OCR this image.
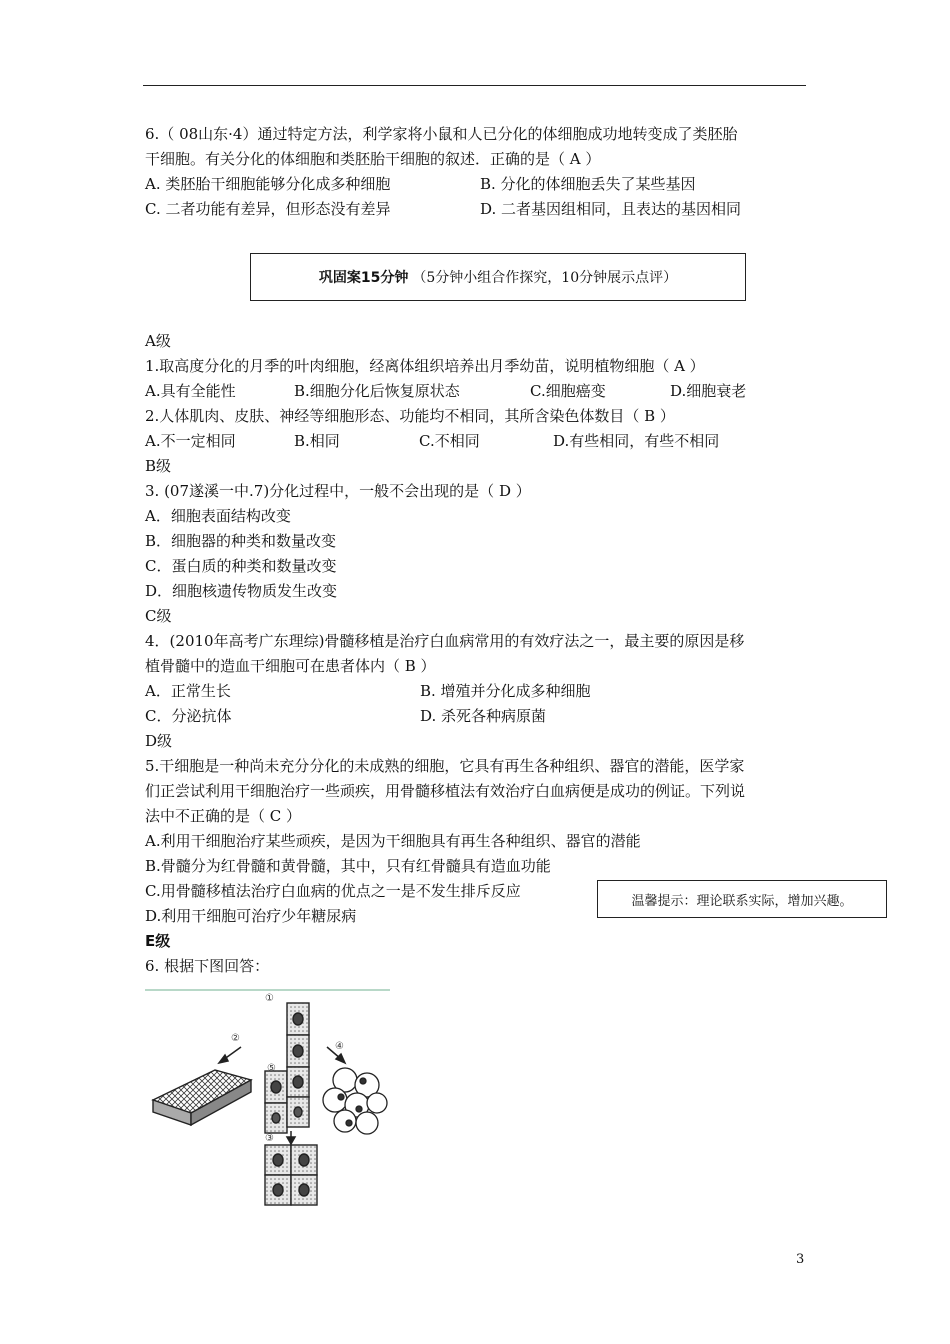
6.（ 08山东·4）通过特定方法，利学家将小鼠和人已分化的体细胞成功地转变成了类胚胎
干细胞。有关分化的体细胞和类胚胎干细胞的叙述．正确的是（ A ）
A. 类胚胎干细胞能够分化成多种细胞	B. 分化的体细胞丢失了某些基因
C. 二者功能有差异，但形态没有差异	D. 二者基因组相同，且表达的基因相同
巩固案15分钟 （5分钟小组合作探究，10分钟展示点评）
A级
1.取高度分化的月季的叶肉细胞，经离体组织培养出月季幼苗，说明植物细胞（ A ）
A.具有全能性	B.细胞分化后恢复原状态	C.细胞癌变	D.细胞衰老
2.人体肌肉、皮肤、神经等细胞形态、功能均不相同，其所含染色体数目（ B ）
A.不一定相同	B.相同	C.不相同	D.有些相同，有些不相同
B级
3. (07遂溪一中.7)分化过程中，一般不会出现的是（ D ）
A．细胞表面结构改变
B．细胞器的种类和数量改变
C．蛋白质的种类和数量改变
D．细胞核遗传物质发生改变
C级
4．(2010年高考广东理综)骨髓移植是治疗白血病常用的有效疗法之一，最主要的原因是移
植骨髓中的造血干细胞可在患者体内（ B ）
A．正常生长	B. 增殖并分化成多种细胞
C．分泌抗体	D. 杀死各种病原菌
D级
5.干细胞是一种尚未充分分化的未成熟的细胞，它具有再生各种组织、器官的潜能，医学家
们正尝试利用干细胞治疗一些顽疾，用骨髓移植法有效治疗白血病便是成功的例证。下列说
法中不正确的是（ C ）
A.利用干细胞治疗某些顽疾，是因为干细胞具有再生各种组织、器官的潜能
B.骨髓分为红骨髓和黄骨髓，其中，只有红骨髓具有造血功能
C.用骨髓移植法治疗白血病的优点之一是不发生排斥反应
D.利用干细胞可治疗少年糖尿病
温馨提示：理论联系实际，增加兴趣。
E级
6. 根据下图回答：
①
②
③
④
⑤
3
